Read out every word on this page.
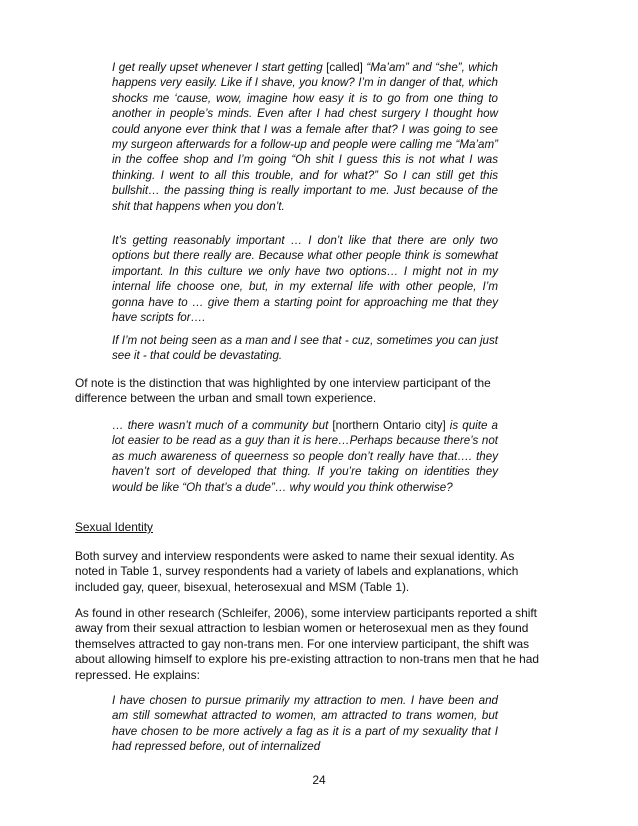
I get really upset whenever I start getting [called] “Ma’am” and “she”, which happens very easily. Like if I shave, you know? I’m in danger of that, which shocks me ‘cause, wow, imagine how easy it is to go from one thing to another in people’s minds. Even after I had chest surgery I thought how could anyone ever think that I was a female after that? I was going to see my surgeon afterwards for a follow-up and people were calling me “Ma’am” in the coffee shop and I’m going “Oh shit I guess this is not what I was thinking. I went to all this trouble, and for what?” So I can still get this bullshit… the passing thing is really important to me. Just because of the shit that happens when you don’t.

It’s getting reasonably important … I don’t like that there are only two options but there really are. Because what other people think is somewhat important. In this culture we only have two options… I might not in my internal life choose one, but, in my external life with other people, I’m gonna have to … give them a starting point for approaching me that they have scripts for….

If I’m not being seen as a man and I see that - cuz, sometimes you can just see it - that could be devastating.

Of note is the distinction that was highlighted by one interview participant of the difference between the urban and small town experience.

… there wasn’t much of a community but [northern Ontario city] is quite a lot easier to be read as a guy than it is here…Perhaps because there’s not as much awareness of queerness so people don’t really have that…. they haven’t sort of developed that thing. If you’re taking on identities they would be like “Oh that’s a dude”… why would you think otherwise?

Sexual Identity

Both survey and interview respondents were asked to name their sexual identity. As noted in Table 1, survey respondents had a variety of labels and explanations, which included gay, queer, bisexual, heterosexual and MSM (Table 1).

As found in other research (Schleifer, 2006), some interview participants reported a shift away from their sexual attraction to lesbian women or heterosexual men as they found themselves attracted to gay non-trans men. For one interview participant, the shift was about allowing himself to explore his pre-existing attraction to non-trans men that he had repressed. He explains:

I have chosen to pursue primarily my attraction to men. I have been and am still somewhat attracted to women, am attracted to trans women, but have chosen to be more actively a fag as it is a part of my sexuality that I had repressed before, out of internalized

24
